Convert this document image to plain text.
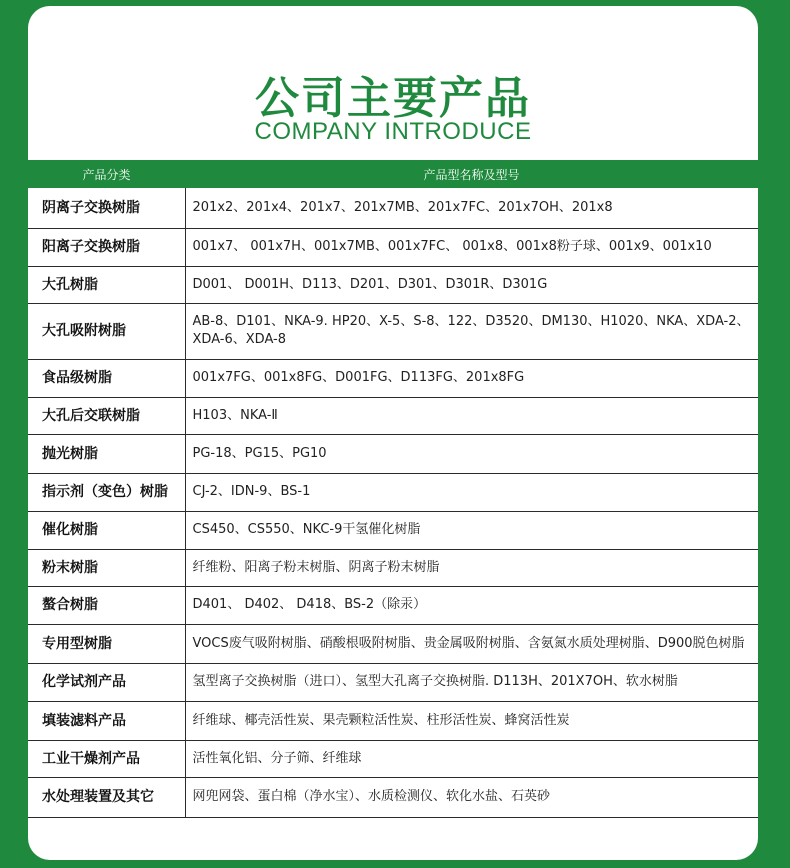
公司主要产品
COMPANY INTRODUCE
产品分类	产品型名称及型号
阴离子交换树脂	201x2、201x4、201x7、201x7MB、201x7FC、201x7OH、201x8
阳离子交换树脂	001x7、 001x7H、001x7MB、001x7FC、 001x8、001x8粉子球、001x9、001x10
大孔树脂	D001、 D001H、D113、D201、D301、D301R、D301G
大孔吸附树脂	AB-8、D101、NKA-9. HP20、X-5、S-8、122、D3520、DM130、H1020、NKA、XDA-2、XDA-6、XDA-8
食品级树脂	001x7FG、001x8FG、D001FG、D113FG、201x8FG
大孔后交联树脂	H103、NKA-Ⅱ
抛光树脂	PG-18、PG15、PG10
指示剂（变色）树脂	CJ-2、IDN-9、BS-1
催化树脂	CS450、CS550、NKC-9干氢催化树脂
粉末树脂	纤维粉、阳离子粉末树脂、阴离子粉末树脂
螯合树脂	D401、 D402、 D418、BS-2（除汞）
专用型树脂	VOCS废气吸附树脂、硝酸根吸附树脂、贵金属吸附树脂、含氨氮水质处理树脂、D900脱色树脂
化学试剂产品	氢型离子交换树脂（进口）、氢型大孔离子交换树脂. D113H、201X7OH、软水树脂
填装滤料产品	纤维球、椰壳活性炭、果壳颗粒活性炭、柱形活性炭、蜂窝活性炭
工业干燥剂产品	活性氧化铝、分子筛、纤维球
水处理装置及其它	网兜网袋、蛋白棉（净水宝）、水质检测仪、软化水盐、石英砂
